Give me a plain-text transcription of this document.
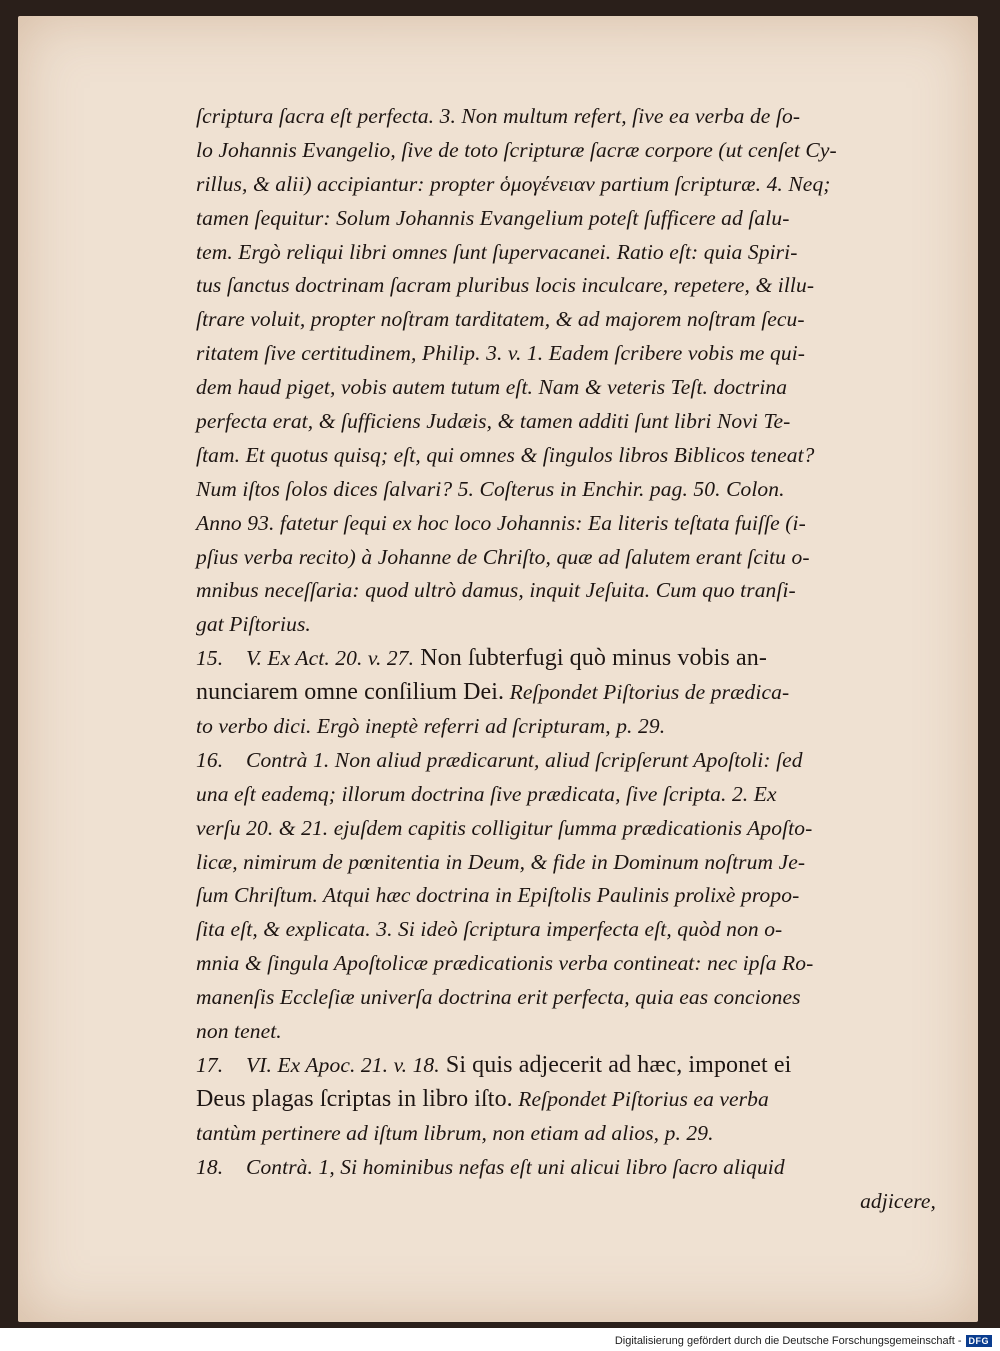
ſcriptura ſacra eſt perfecta. 3. Non multum refert, ſive ea verba de ſo-
lo Johannis Evangelio, ſive de toto ſcripturæ ſacræ corpore (ut cenſet Cy-
rillus, & alii) accipiantur: propter ὁμογένειαν partium ſcripturæ. 4. Neq;
tamen ſequitur: Solum Johannis Evangelium poteſt ſufficere ad ſalu-
tem. Ergò reliqui libri omnes ſunt ſupervacanei. Ratio eſt: quia Spiri-
tus ſanctus doctrinam ſacram pluribus locis inculcare, repetere, & illu-
ſtrare voluit, propter noſtram tarditatem, & ad majorem noſtram ſecu-
ritatem ſive certitudinem, Philip. 3. v. 1. Eadem ſcribere vobis me qui-
dem haud piget, vobis autem tutum eſt. Nam & veteris Teſt. doctrina
perfecta erat, & ſufficiens Judæis, & tamen additi ſunt libri Novi Te-
ſtam. Et quotus quisq; eſt, qui omnes & ſingulos libros Biblicos teneat?
Num iſtos ſolos dices ſalvari? 5. Coſterus in Enchir. pag. 50. Colon.
Anno 93. fatetur ſequi ex hoc loco Johannis: Ea literis teſtata fuiſſe (i-
pſius verba recito) à Johanne de Chriſto, quæ ad ſalutem erant ſcitu o-
mnibus neceſſaria: quod ultrò damus, inquit Jeſuita. Cum quo tranſi-
gat Piſtorius.
15. V. Ex Act. 20. v. 27. Non ſubterfugi quò minus vobis an-
nunciarem omne conſilium Dei. Reſpondet Piſtorius de prædica-
to verbo dici. Ergò ineptè referri ad ſcripturam, p. 29.
16. Contrà 1. Non aliud prædicarunt, aliud ſcripſerunt Apoſtoli: ſed
una eſt eademq; illorum doctrina ſive prædicata, ſive ſcripta. 2. Ex
verſu 20. & 21. ejuſdem capitis colligitur ſumma prædicationis Apoſto-
licæ, nimirum de pœnitentia in Deum, & fide in Dominum noſtrum Je-
ſum Chriſtum. Atqui hæc doctrina in Epiſtolis Paulinis prolixè propo-
ſita eſt, & explicata. 3. Si ideò ſcriptura imperfecta eſt, quòd non o-
mnia & ſingula Apoſtolicæ prædicationis verba contineat: nec ipſa Ro-
manenſis Eccleſiæ univerſa doctrina erit perfecta, quia eas conciones
non tenet.
17. VI. Ex Apoc. 21. v. 18. Si quis adjecerit ad hæc, imponet ei
Deus plagas ſcriptas in libro iſto. Reſpondet Piſtorius ea verba
tantùm pertinere ad iſtum librum, non etiam ad alios, p. 29.
18. Contrà. 1, Si hominibus nefas eſt uni alicui libro ſacro aliquid
adjicere,
Digitalisierung gefördert durch die Deutsche Forschungsgemeinschaft - DFG
